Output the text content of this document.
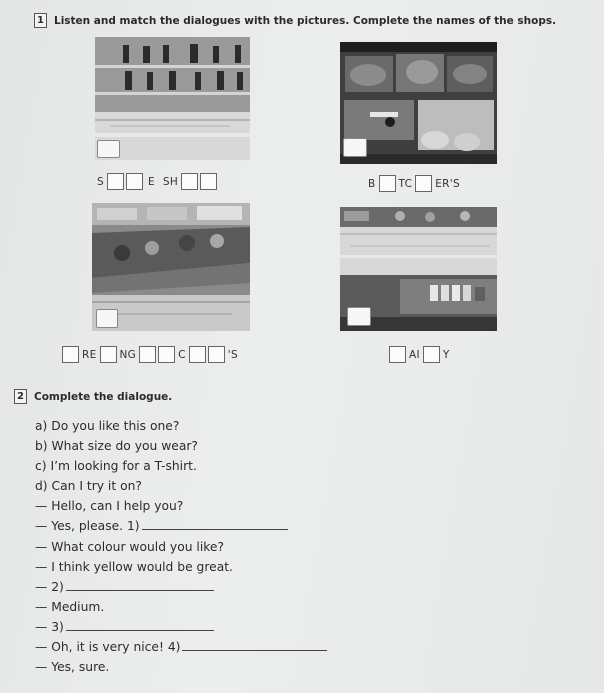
1 Listen and match the dialogues with the pictures. Complete the names of the shops.
S	E SH	B TC ER'S
RE NG	C	'S	AI Y
2 Complete the dialogue.
a) Do you like this one?
b) What size do you wear?
c) I’m looking for a T-shirt.
d) Can I try it on?
— Hello, can I help you?
— Yes, please. 1)
— What colour would you like?
— I think yellow would be great.
— 2)
— Medium.
— 3)
— Oh, it is very nice! 4)
— Yes, sure.
